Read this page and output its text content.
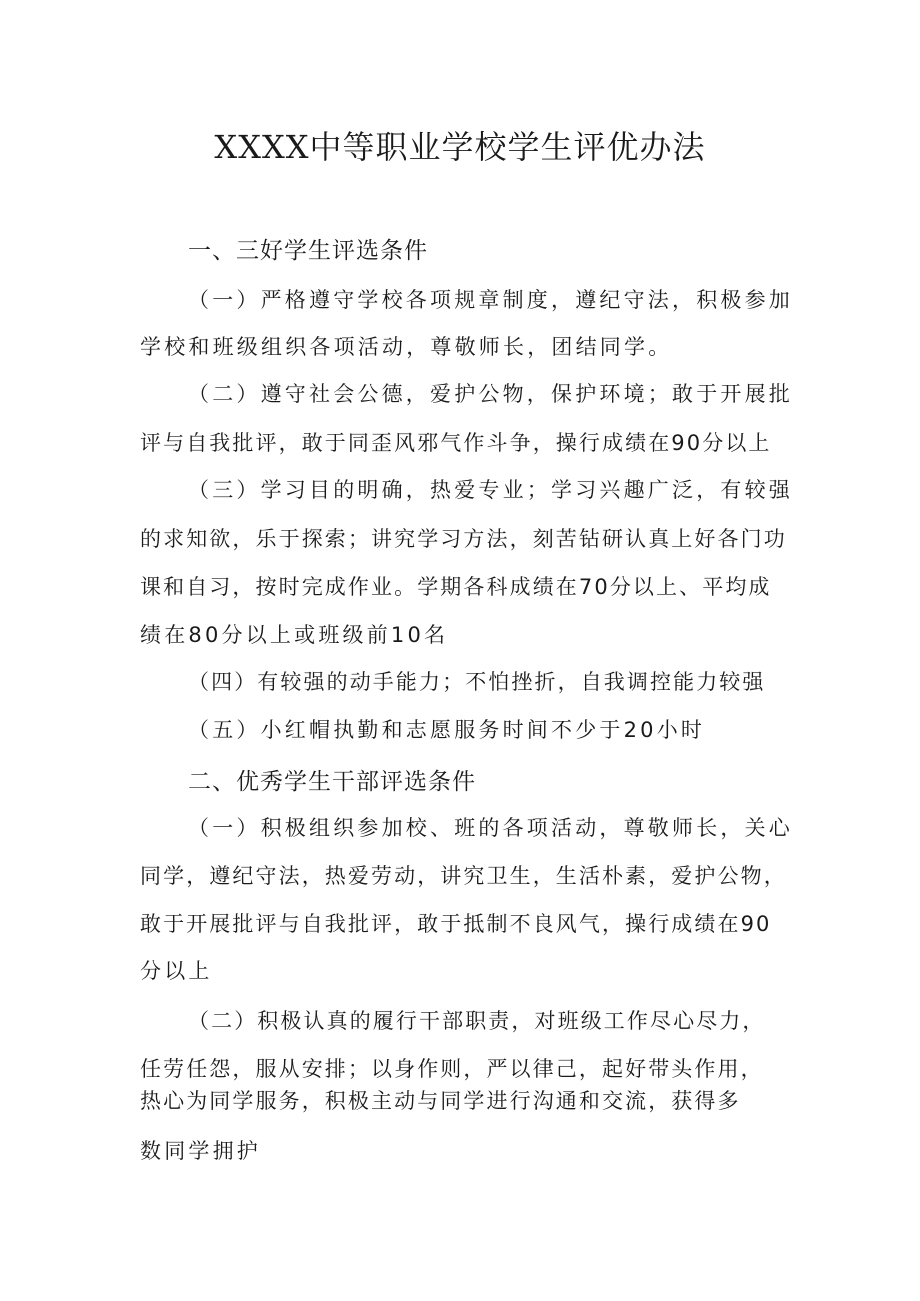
XXXX中等职业学校学生评优办法
一、三好学生评选条件
（一）严格遵守学校各项规章制度，遵纪守法，积极参加
学校和班级组织各项活动，尊敬师长，团结同学。
（二）遵守社会公德，爱护公物，保护环境；敢于开展批
评与自我批评，敢于同歪风邪气作斗争，操行成绩在90分以上
（三）学习目的明确，热爱专业；学习兴趣广泛，有较强
的求知欲，乐于探索；讲究学习方法，刻苦钻研认真上好各门功
课和自习，按时完成作业。学期各科成绩在70分以上、平均成
绩在80分以上或班级前10名
（四）有较强的动手能力；不怕挫折，自我调控能力较强
（五）小红帽执勤和志愿服务时间不少于20小时
二、优秀学生干部评选条件
（一）积极组织参加校、班的各项活动，尊敬师长，关心
同学，遵纪守法，热爱劳动，讲究卫生，生活朴素，爱护公物，
敢于开展批评与自我批评，敢于抵制不良风气，操行成绩在90
分以上
（二）积极认真的履行干部职责，对班级工作尽心尽力，
任劳任怨，服从安排；以身作则，严以律己，起好带头作用，
热心为同学服务，积极主动与同学进行沟通和交流，获得多
数同学拥护
